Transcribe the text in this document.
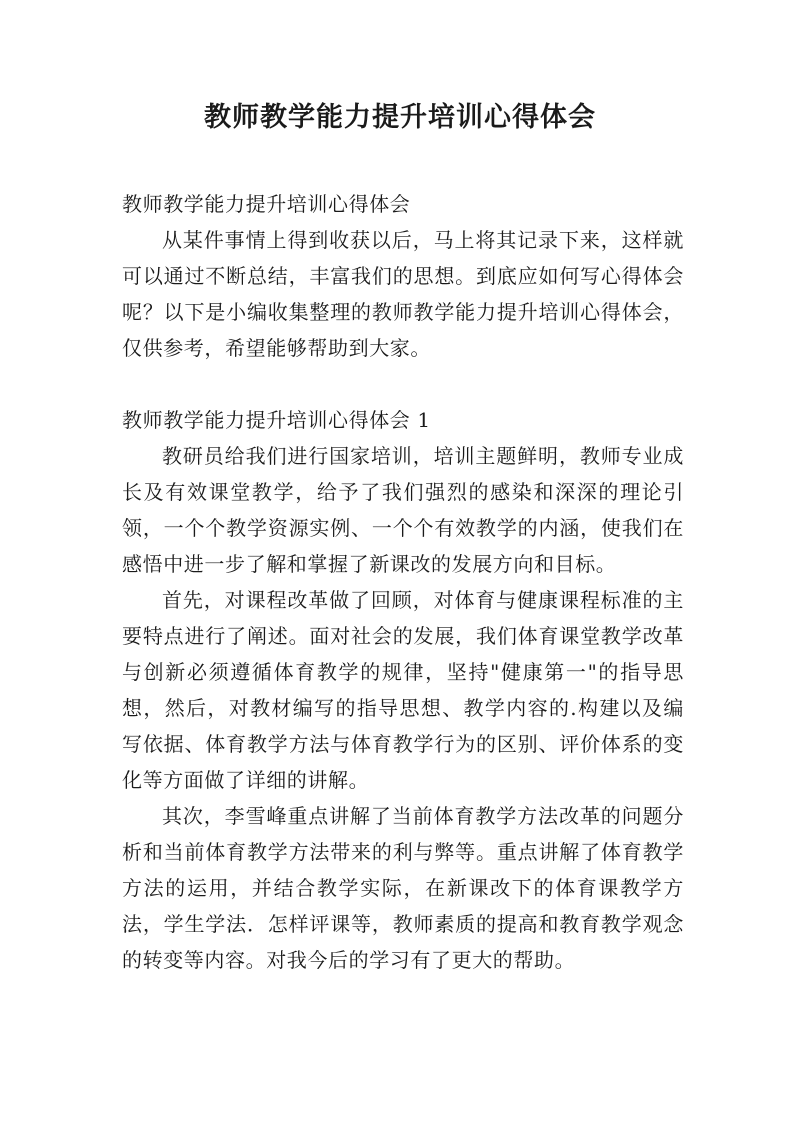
教师教学能力提升培训心得体会

教师教学能力提升培训心得体会

从某件事情上得到收获以后，马上将其记录下来，这样就可以通过不断总结，丰富我们的思想。到底应如何写心得体会呢？以下是小编收集整理的教师教学能力提升培训心得体会，仅供参考，希望能够帮助到大家。

教师教学能力提升培训心得体会 1

教研员给我们进行国家培训，培训主题鲜明，教师专业成长及有效课堂教学，给予了我们强烈的感染和深深的理论引领，一个个教学资源实例、一个个有效教学的内涵，使我们在感悟中进一步了解和掌握了新课改的发展方向和目标。

首先，对课程改革做了回顾，对体育与健康课程标准的主要特点进行了阐述。面对社会的发展，我们体育课堂教学改革与创新必须遵循体育教学的规律，坚持"健康第一"的指导思想，然后，对教材编写的指导思想、教学内容的.构建以及编写依据、体育教学方法与体育教学行为的区别、评价体系的变化等方面做了详细的讲解。

其次，李雪峰重点讲解了当前体育教学方法改革的问题分析和当前体育教学方法带来的利与弊等。重点讲解了体育教学方法的运用，并结合教学实际，在新课改下的体育课教学方法，学生学法．怎样评课等，教师素质的提高和教育教学观念的转变等内容。对我今后的学习有了更大的帮助。
